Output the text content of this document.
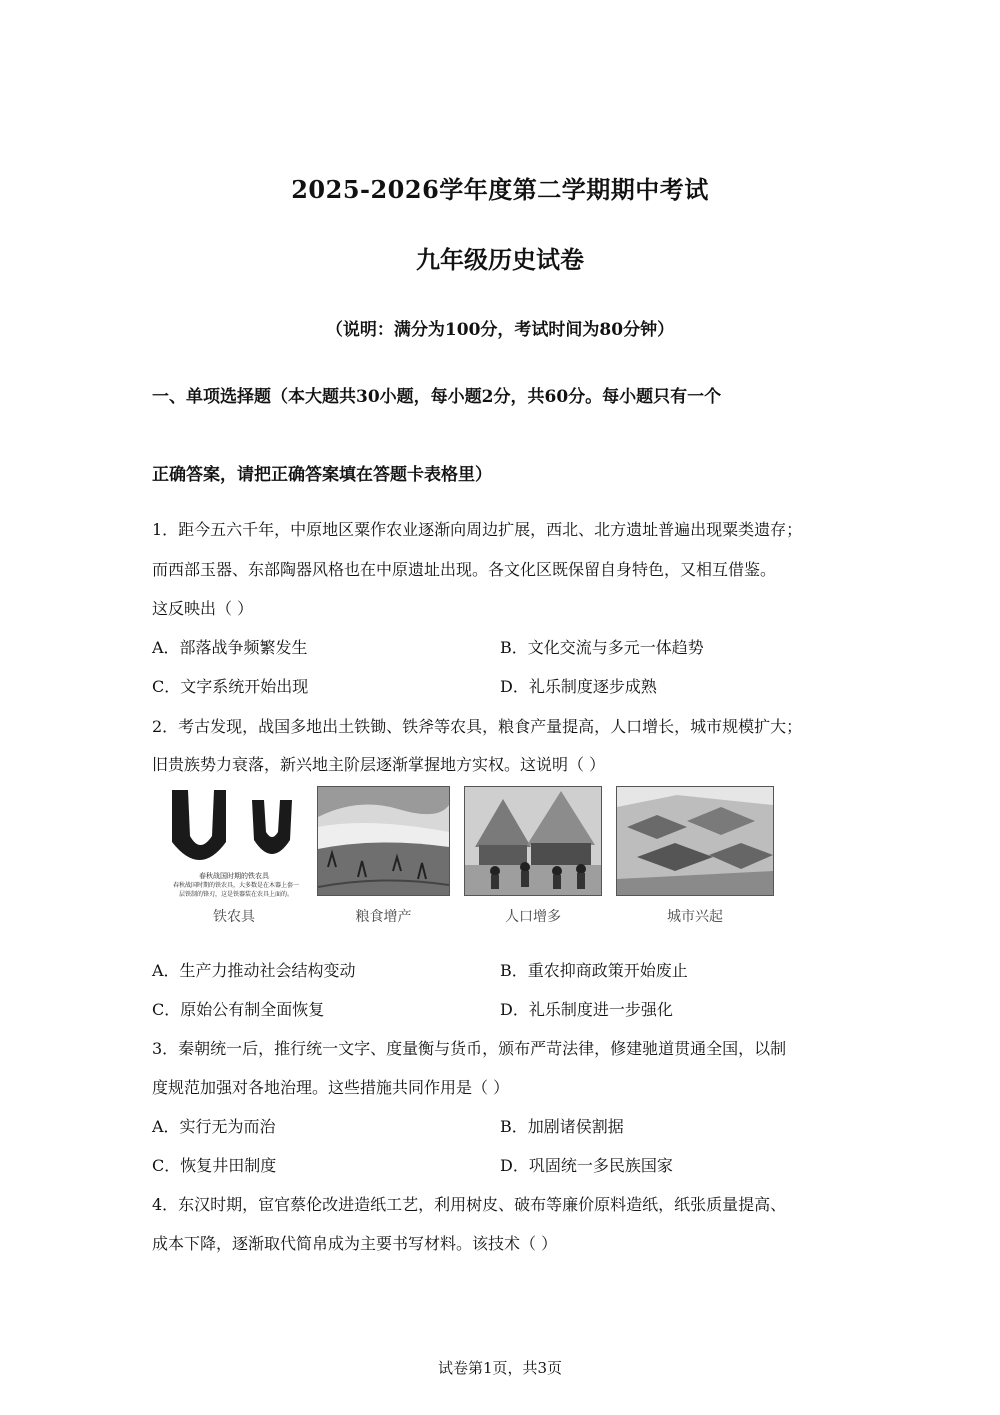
2025-2026学年度第二学期期中考试
九年级历史试卷
（说明：满分为100分，考试时间为80分钟）
一、单项选择题（本大题共30小题，每小题2分，共60分。每小题只有一个
正确答案，请把正确答案填在答题卡表格里）
1．距今五六千年，中原地区粟作农业逐渐向周边扩展，西北、北方遗址普遍出现粟类遗存；
而西部玉器、东部陶器风格也在中原遗址出现。各文化区既保留自身特色，又相互借鉴。
这反映出（ ）
A．部落战争频繁发生	B．文化交流与多元一体趋势
C．文字系统开始出现	D．礼乐制度逐步成熟
2．考古发现，战国多地出土铁锄、铁斧等农具，粮食产量提高，人口增长，城市规模扩大；
旧贵族势力衰落，新兴地主阶层逐渐掌握地方实权。这说明（ ）
春秋战国时期的铁农具
春秋战国时期的铁农具，大多数是在木器上套一
层铁制的锋刃，这是铁器装在农具上面的。
铁农具	粮食增产	人口增多	城市兴起
A．生产力推动社会结构变动	B．重农抑商政策开始废止
C．原始公有制全面恢复	D．礼乐制度进一步强化
3．秦朝统一后，推行统一文字、度量衡与货币，颁布严苛法律，修建驰道贯通全国，以制
度规范加强对各地治理。这些措施共同作用是（ ）
A．实行无为而治	B．加剧诸侯割据
C．恢复井田制度	D．巩固统一多民族国家
4．东汉时期，宦官蔡伦改进造纸工艺，利用树皮、破布等廉价原料造纸，纸张质量提高、
成本下降，逐渐取代简帛成为主要书写材料。该技术（ ）
试卷第1页，共3页
